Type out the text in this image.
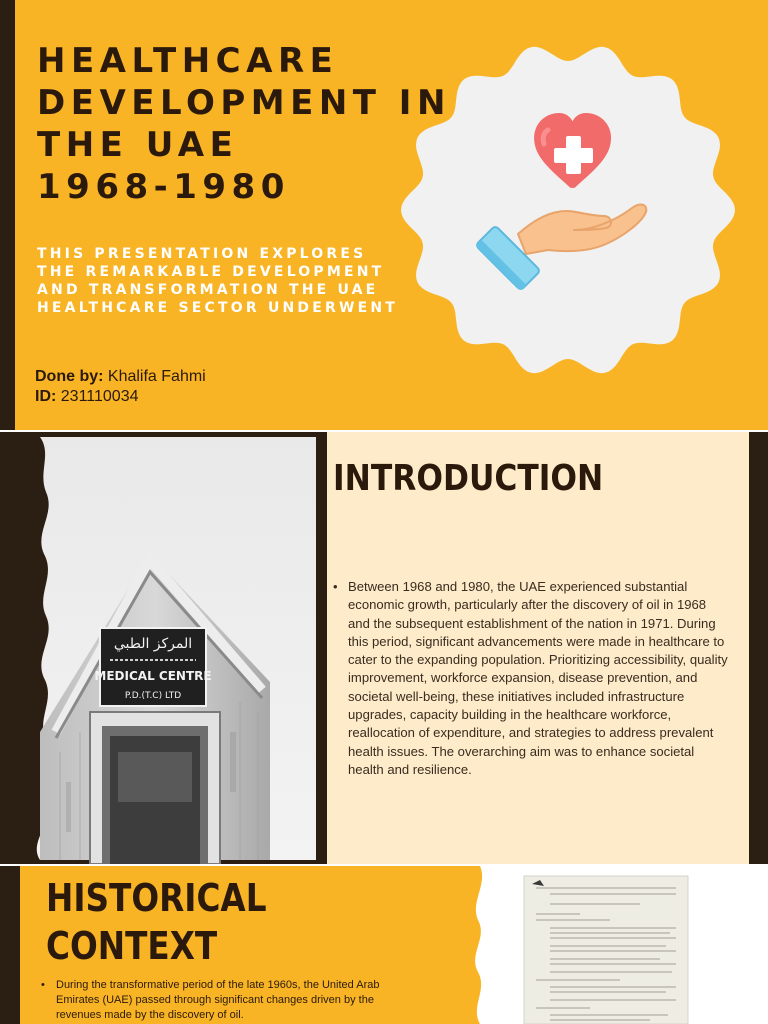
HEALTHCARE
DEVELOPMENT IN
THE UAE
1968-1980

THIS PRESENTATION EXPLORES
THE REMARKABLE DEVELOPMENT
AND TRANSFORMATION THE UAE
HEALTHCARE SECTOR UNDERWENT

Done by: Khalifa Fahmi
ID: 231110034
المركز الطبي
MEDICAL CENTRE
P.D.(T.C) LTD
INTRODUCTION
• Between 1968 and 1980, the UAE experienced substantial economic growth, particularly after the discovery of oil in 1968 and the subsequent establishment of the nation in 1971. During this period, significant advancements were made in healthcare to cater to the expanding population. Prioritizing accessibility, quality improvement, workforce expansion, disease prevention, and societal well-being, these initiatives included infrastructure upgrades, capacity building in the healthcare workforce, reallocation of expenditure, and strategies to address prevalent health issues. The overarching aim was to enhance societal health and resilience.

HISTORICAL
CONTEXT
• During the transformative period of the late 1960s, the United Arab Emirates (UAE) passed through significant changes driven by the revenues made by the discovery of oil.
